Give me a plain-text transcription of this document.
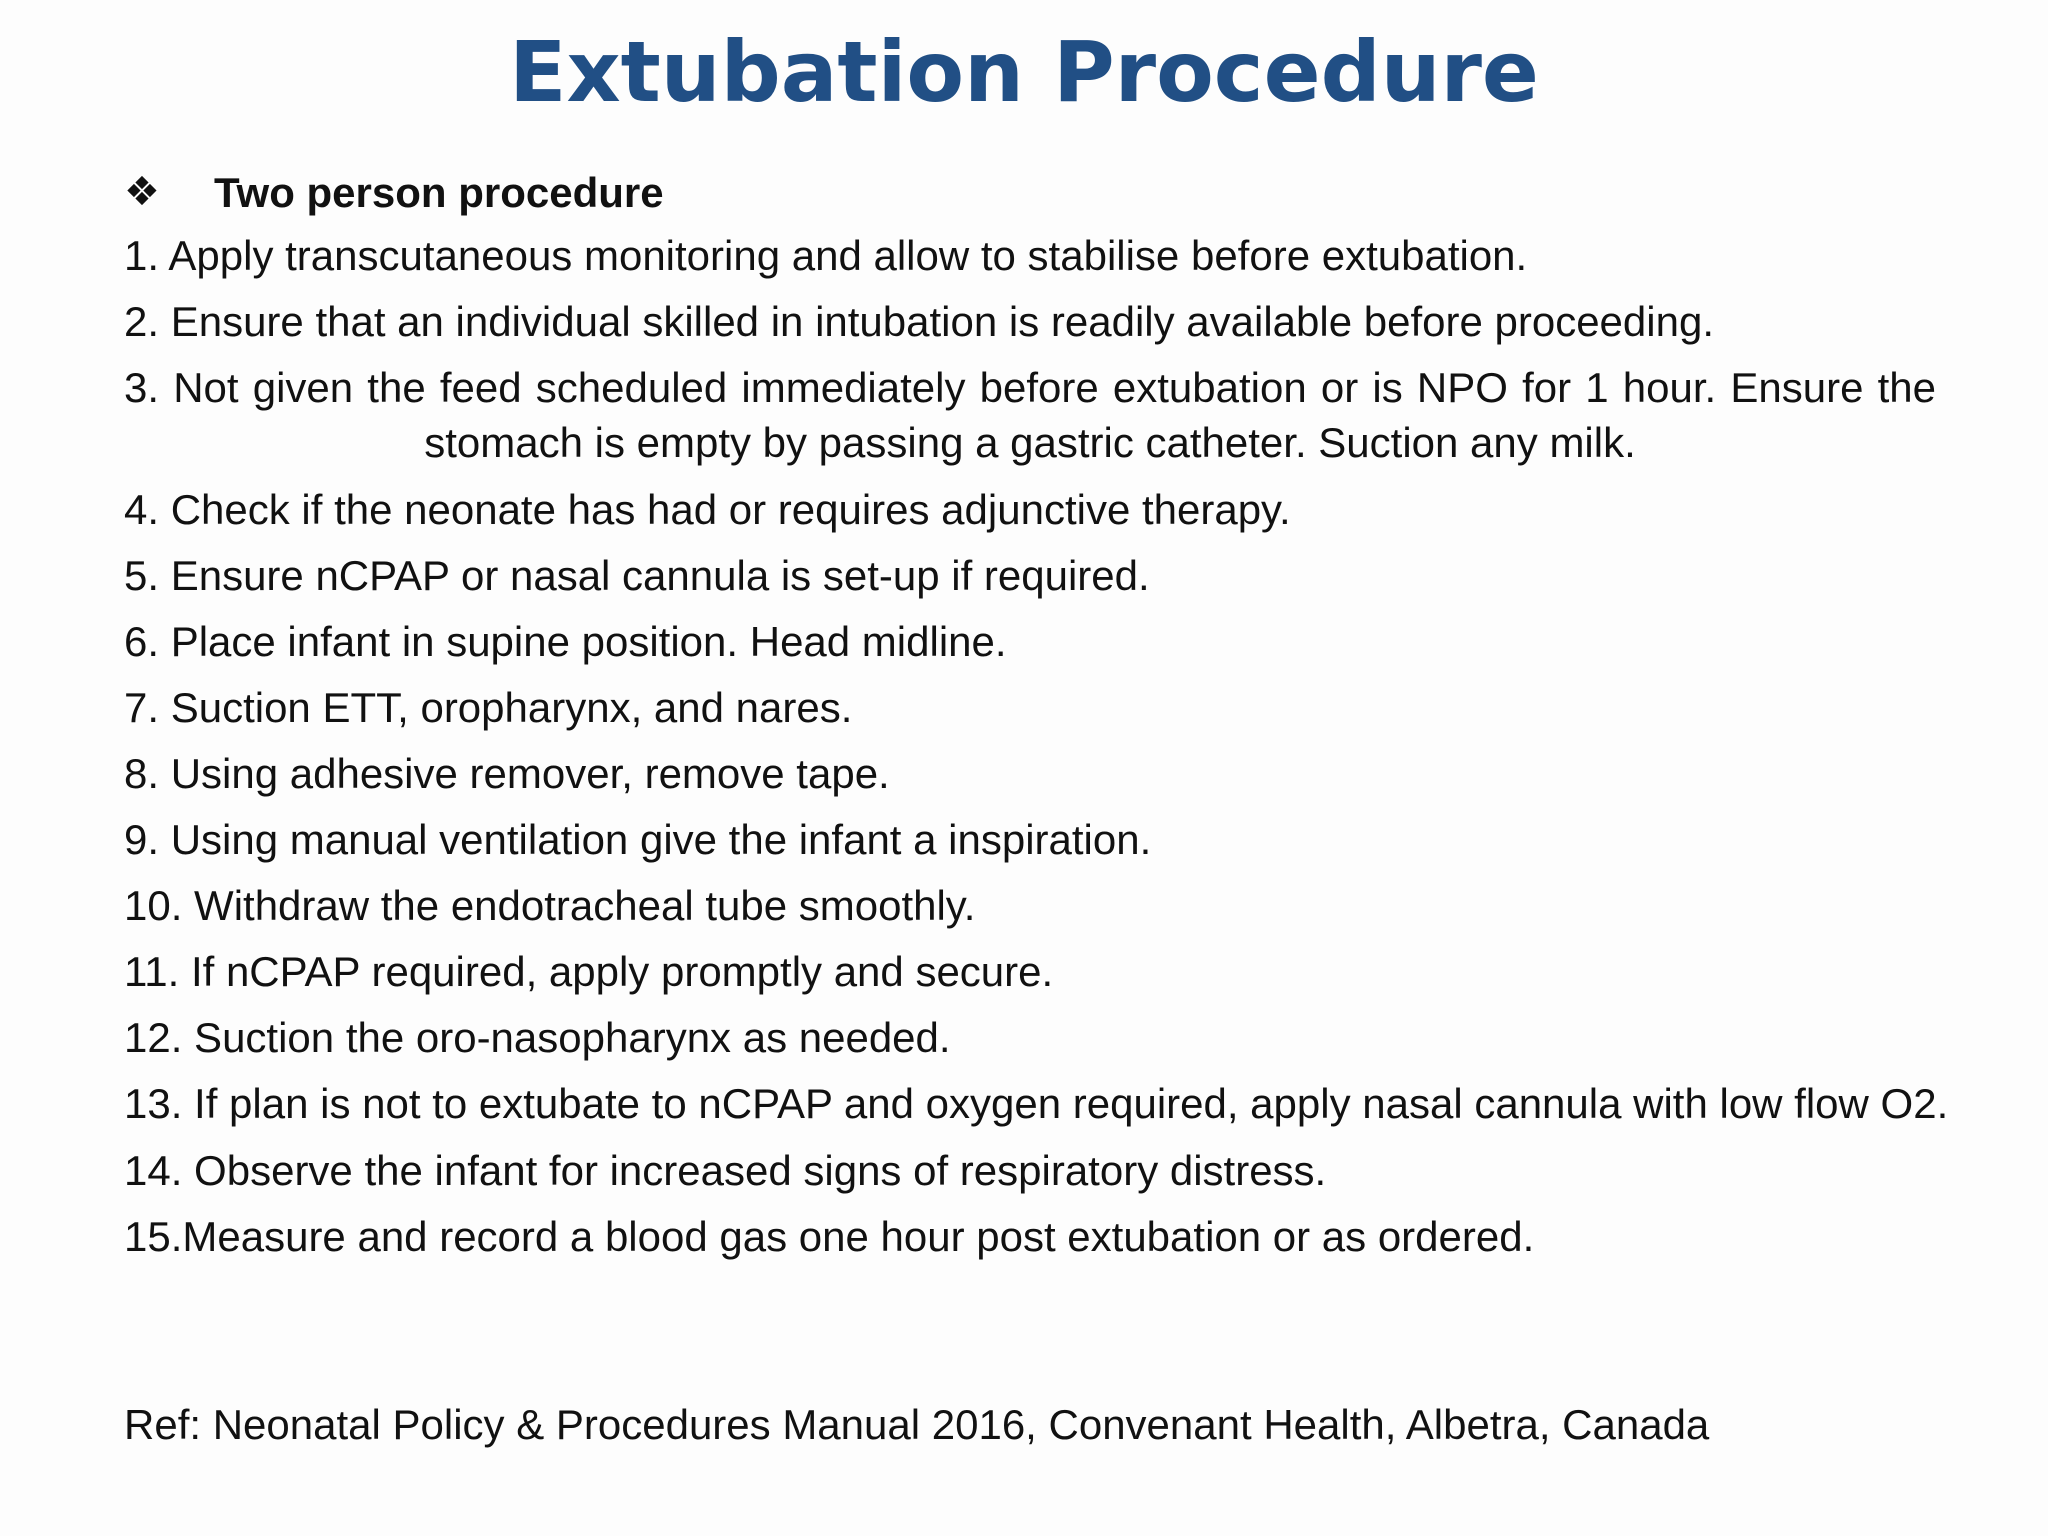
Extubation Procedure
❖	Two person procedure
1. Apply transcutaneous monitoring and allow to stabilise before extubation.
2. Ensure that an individual skilled in intubation is readily available before proceeding.
3. Not given the feed scheduled immediately before extubation or is NPO for 1 hour. Ensure the stomach is empty by passing a gastric catheter. Suction any milk.
4. Check if the neonate has had or requires adjunctive therapy.
5. Ensure nCPAP or nasal cannula is set-up if required.
6. Place infant in supine position. Head midline.
7. Suction ETT, oropharynx, and nares.
8. Using adhesive remover, remove tape.
9. Using manual ventilation give the infant a inspiration.
10. Withdraw the endotracheal tube smoothly.
11. If nCPAP required, apply promptly and secure.
12. Suction the oro-nasopharynx as needed.
13. If plan is not to extubate to nCPAP and oxygen required, apply nasal cannula with low flow O2.
14. Observe the infant for increased signs of respiratory distress.
15.Measure and record a blood gas one hour post extubation or as ordered.
Ref: Neonatal Policy & Procedures Manual 2016, Convenant Health, Albetra, Canada
